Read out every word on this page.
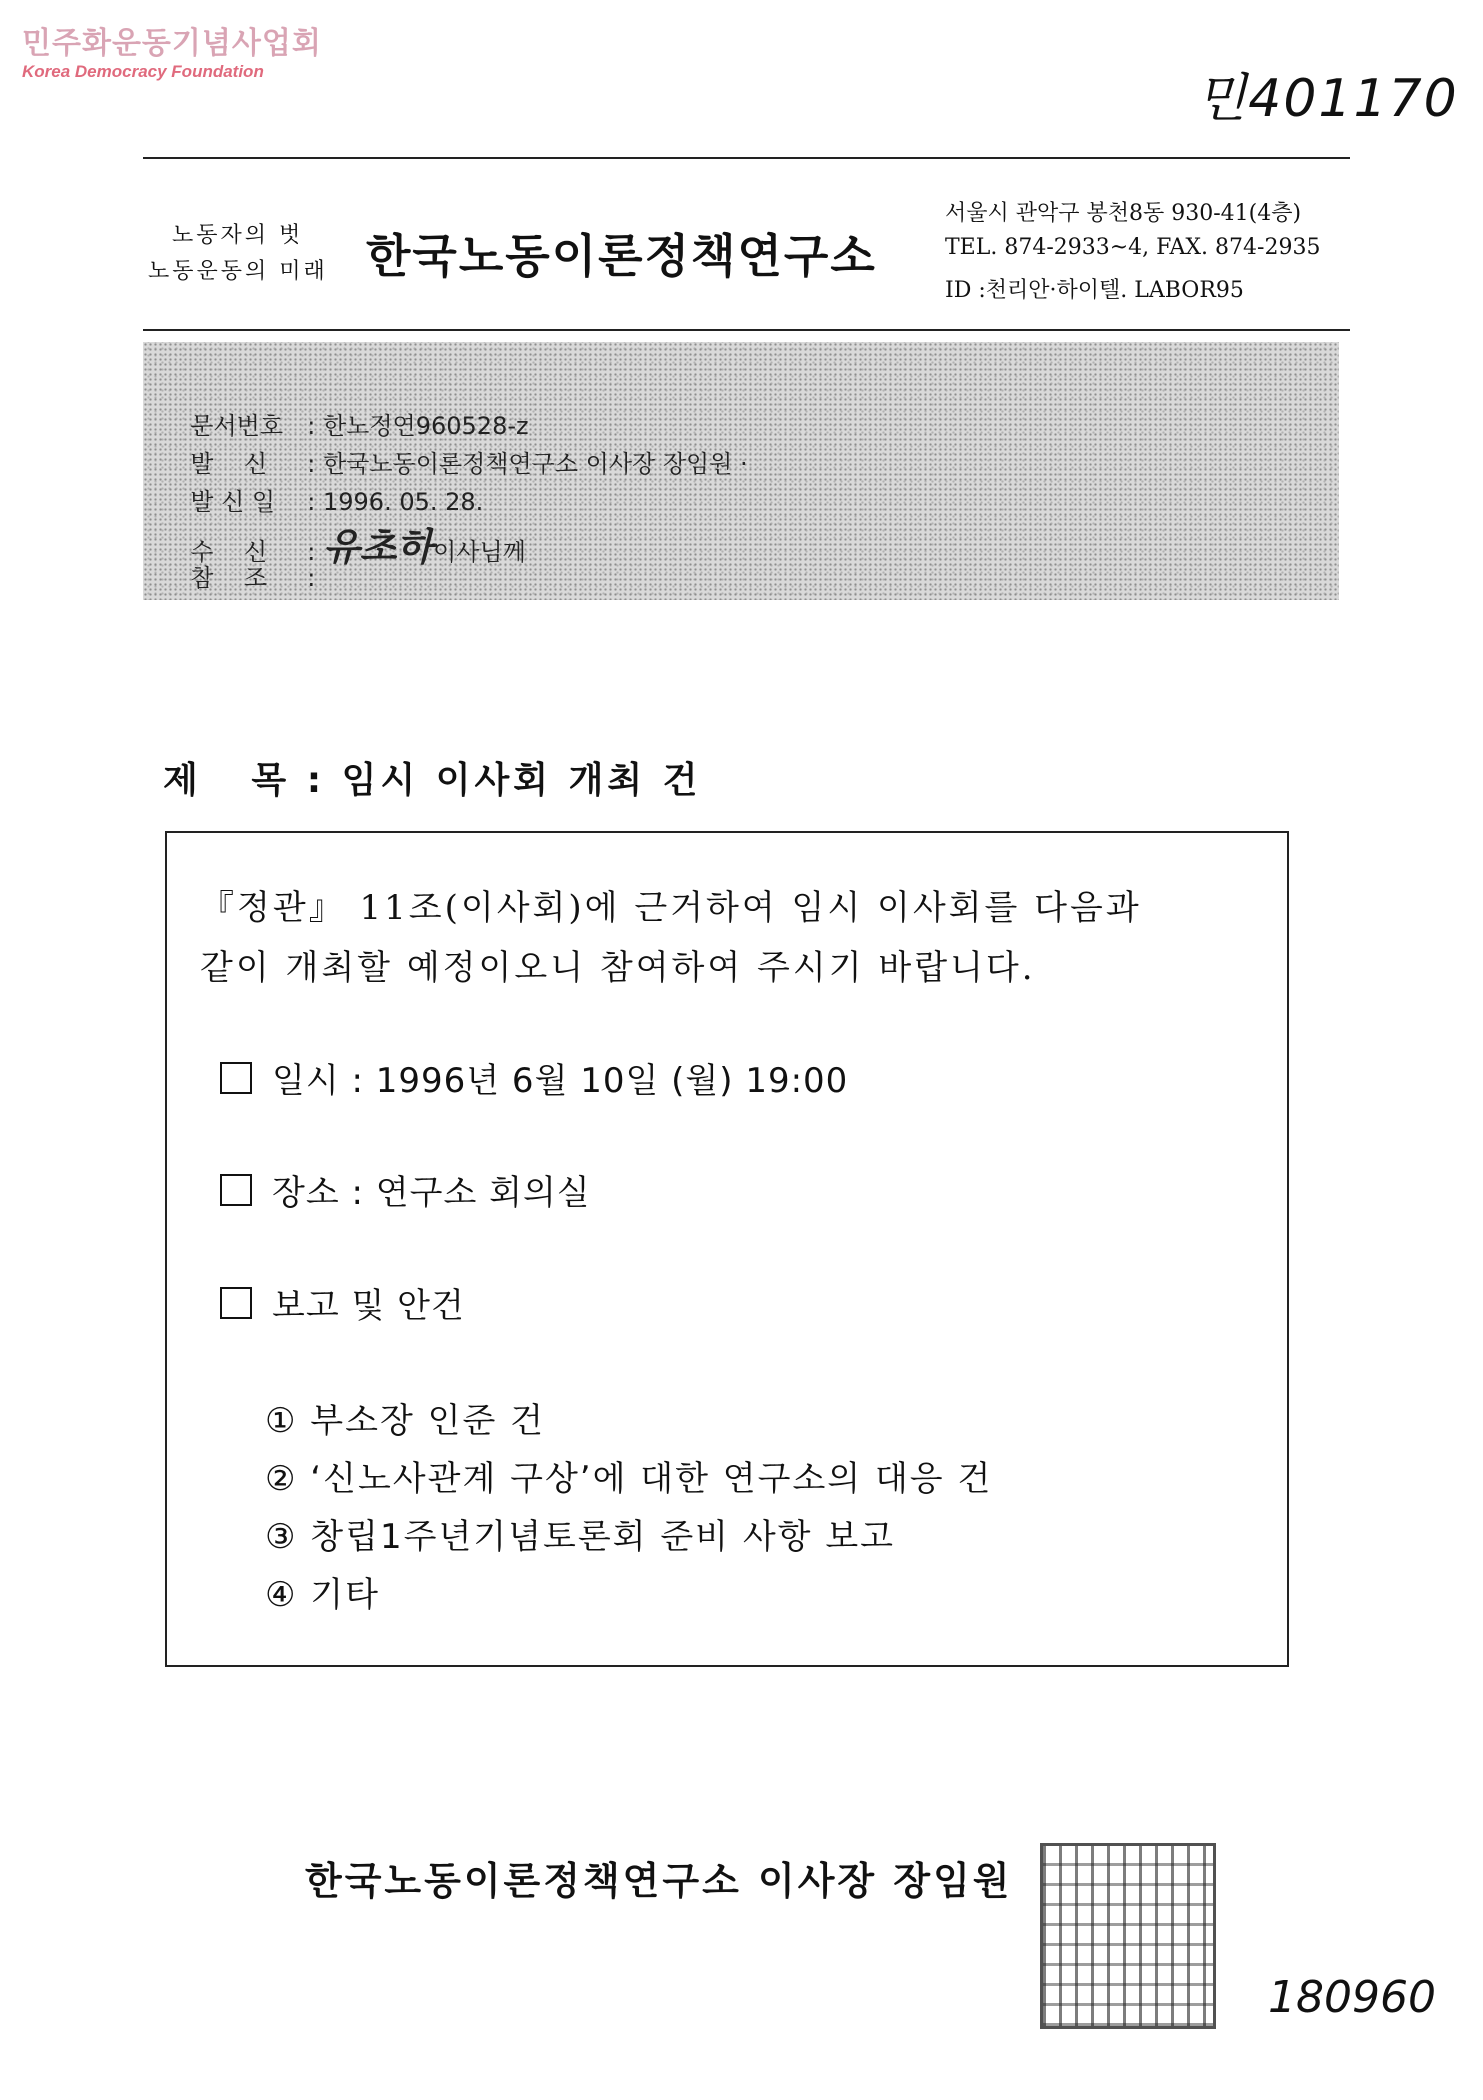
민주화운동기념사업회
Korea Democracy Foundation	민401170
노동자의 벗
노동운동의 미래 한국노동이론정책연구소
서울시 관악구 봉천8동 930-41(4층)
TEL. 874-2933~4, FAX. 874-2935
ID :천리안·하이텔. LABOR95

문서번호 : 한노정연960528-z

발    신 : 한국노동이론정책연구소 이사장 장임원 ·

발 신 일 : 1996. 05. 28.

수    신 : 유초하이사님께

참    조 :

제   목 : 임시 이사회 개최 건
『정관』 11조(이사회)에 근거하여 임시 이사회를 다음과
같이 개최할 예정이오니 참여하여 주시기 바랍니다.
일시 : 1996년 6월 10일 (월) 19:00
장소 : 연구소 회의실
보고 및 안건
① 부소장 인준 건
② ‘신노사관계 구상’에 대한 연구소의 대응 건
③ 창립1주년기념토론회 준비 사항 보고
④ 기타
한국노동이론정책연구소 이사장 장임원
180960
